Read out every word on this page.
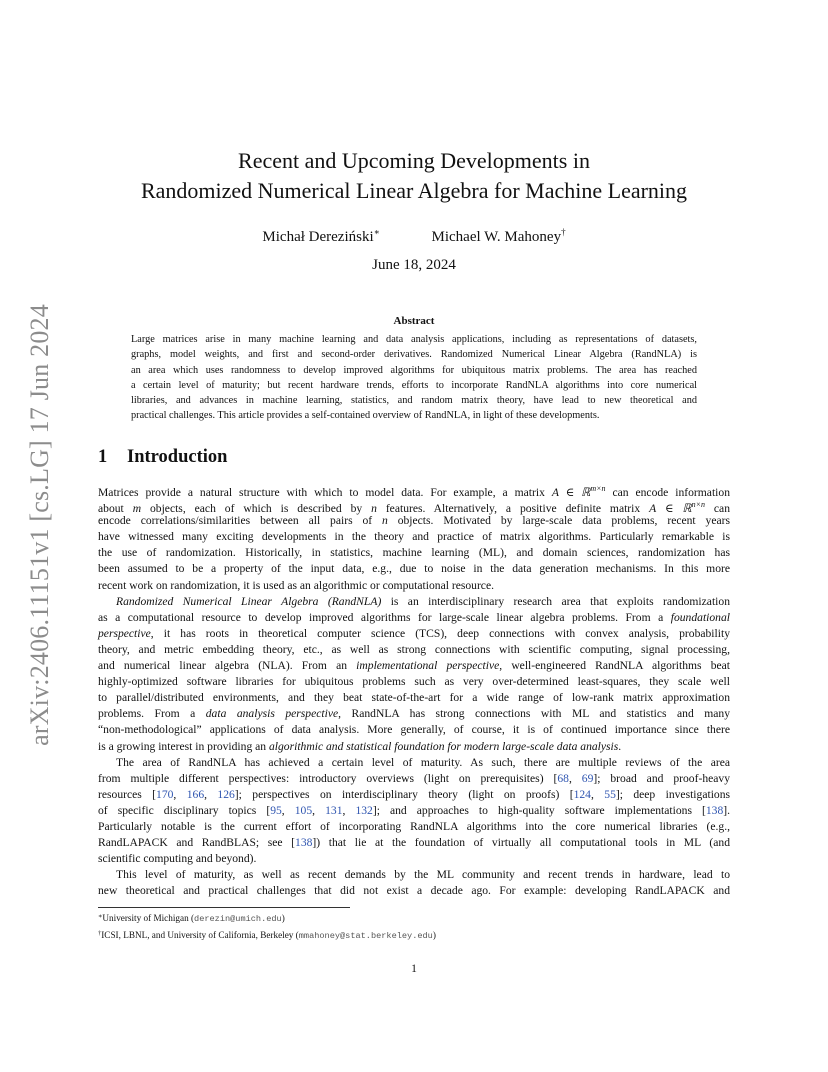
arXiv:2406.11151v1 [cs.LG] 17 Jun 2024
Recent and Upcoming Developments in
Randomized Numerical Linear Algebra for Machine Learning
Michał Dereziński∗	Michael W. Mahoney†
June 18, 2024
Abstract
Large matrices arise in many machine learning and data analysis applications, including as representations of datasets,
graphs, model weights, and first and second-order derivatives. Randomized Numerical Linear Algebra (RandNLA) is
an area which uses randomness to develop improved algorithms for ubiquitous matrix problems. The area has reached
a certain level of maturity; but recent hardware trends, efforts to incorporate RandNLA algorithms into core numerical
libraries, and advances in machine learning, statistics, and random matrix theory, have lead to new theoretical and
practical challenges. This article provides a self-contained overview of RandNLA, in light of these developments.
1 Introduction
Matrices provide a natural structure with which to model data. For example, a matrix A ∈ ℝ$^{m\times n}$ can encode information
about m objects, each of which is described by n features. Alternatively, a positive definite matrix A ∈ ℝ$^{n\times n}$ can
encode correlations/similarities between all pairs of n objects. Motivated by large-scale data problems, recent years
have witnessed many exciting developments in the theory and practice of matrix algorithms. Particularly remarkable is
the use of randomization. Historically, in statistics, machine learning (ML), and domain sciences, randomization has
been assumed to be a property of the input data, e.g., due to noise in the data generation mechanisms. In this more
recent work on randomization, it is used as an algorithmic or computational resource.
Randomized Numerical Linear Algebra (RandNLA) is an interdisciplinary research area that exploits randomization
as a computational resource to develop improved algorithms for large-scale linear algebra problems. From a foundational
perspective, it has roots in theoretical computer science (TCS), deep connections with convex analysis, probability
theory, and metric embedding theory, etc., as well as strong connections with scientific computing, signal processing,
and numerical linear algebra (NLA). From an implementational perspective, well-engineered RandNLA algorithms beat
highly-optimized software libraries for ubiquitous problems such as very over-determined least-squares, they scale well
to parallel/distributed environments, and they beat state-of-the-art for a wide range of low-rank matrix approximation
problems. From a data analysis perspective, RandNLA has strong connections with ML and statistics and many
“non-methodological” applications of data analysis. More generally, of course, it is of continued importance since there
is a growing interest in providing an algorithmic and statistical foundation for modern large-scale data analysis.
The area of RandNLA has achieved a certain level of maturity. As such, there are multiple reviews of the area
from multiple different perspectives: introductory overviews (light on prerequisites) [68, 69]; broad and proof-heavy
resources [170, 166, 126]; perspectives on interdisciplinary theory (light on proofs) [124, 55]; deep investigations
of specific disciplinary topics [95, 105, 131, 132]; and approaches to high-quality software implementations [138].
Particularly notable is the current effort of incorporating RandNLA algorithms into the core numerical libraries (e.g.,
RandLAPACK and RandBLAS; see [138]) that lie at the foundation of virtually all computational tools in ML (and
scientific computing and beyond).
This level of maturity, as well as recent demands by the ML community and recent trends in hardware, lead to
new theoretical and practical challenges that did not exist a decade ago. For example: developing RandLAPACK and
∗University of Michigan (derezin@umich.edu)
†ICSI, LBNL, and University of California, Berkeley (mmahoney@stat.berkeley.edu)
1
